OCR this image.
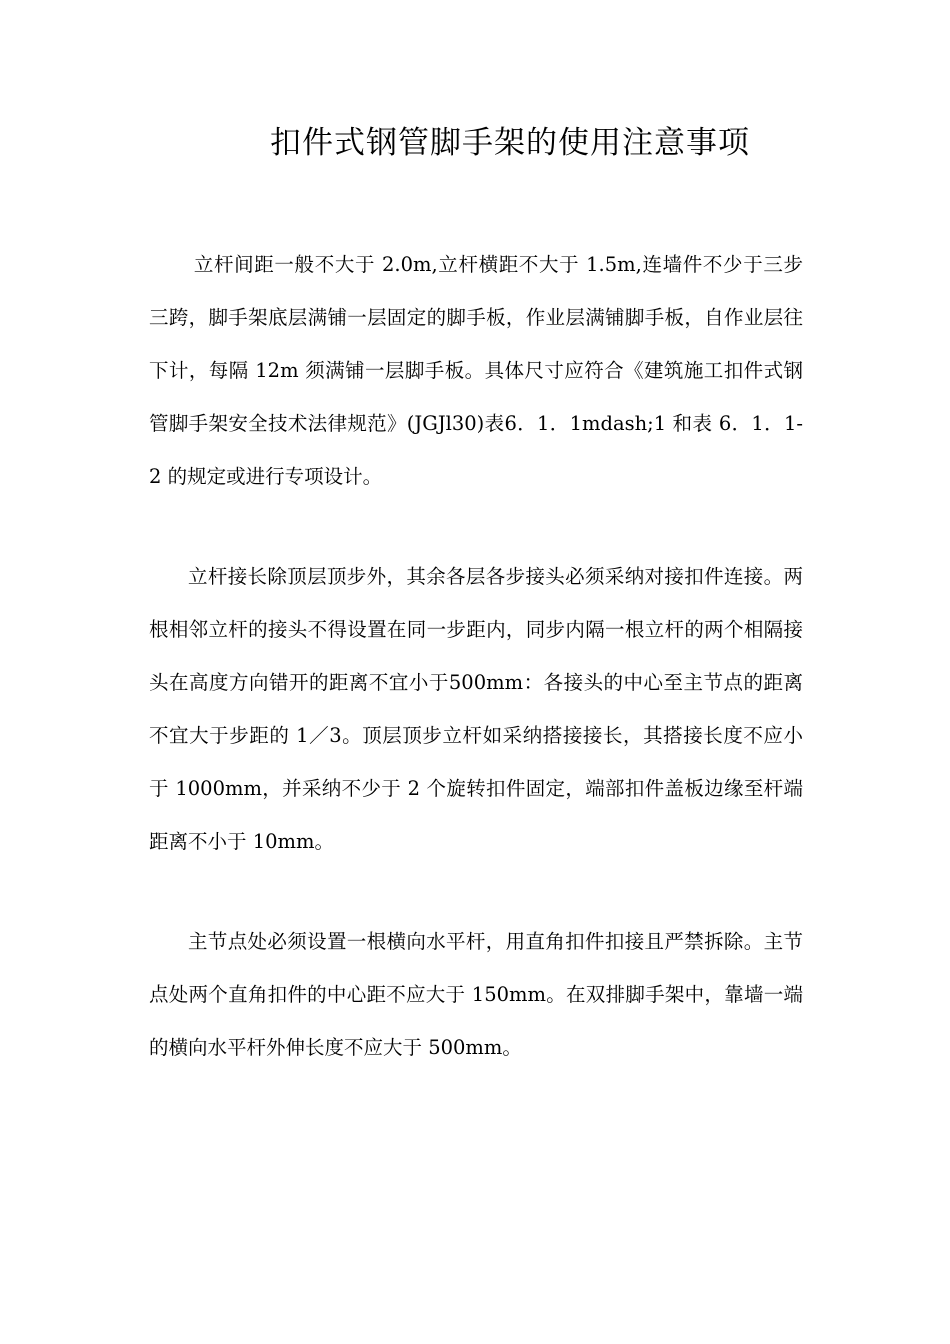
扣件式钢管脚手架的使用注意事项

立杆间距一般不大于 2.0m,立杆横距不大于 1.5m,连墙件不少于三步三跨，脚手架底层满铺一层固定的脚手板，作业层满铺脚手板，自作业层往下计，每隔 12m 须满铺一层脚手板。具体尺寸应符合《建筑施工扣件式钢管脚手架安全技术法律规范》(JGJl30)表6．1．1mdash;1 和表 6．1．1-2 的规定或进行专项设计。

立杆接长除顶层顶步外，其余各层各步接头必须采纳对接扣件连接。两根相邻立杆的接头不得设置在同一步距内，同步内隔一根立杆的两个相隔接头在高度方向错开的距离不宜小于500mm：各接头的中心至主节点的距离不宜大于步距的 1／3。顶层顶步立杆如采纳搭接接长，其搭接长度不应小于 1000mm，并采纳不少于 2 个旋转扣件固定，端部扣件盖板边缘至杆端距离不小于 10mm。

主节点处必须设置一根横向水平杆，用直角扣件扣接且严禁拆除。主节点处两个直角扣件的中心距不应大于 150mm。在双排脚手架中，靠墙一端的横向水平杆外伸长度不应大于 500mm。
